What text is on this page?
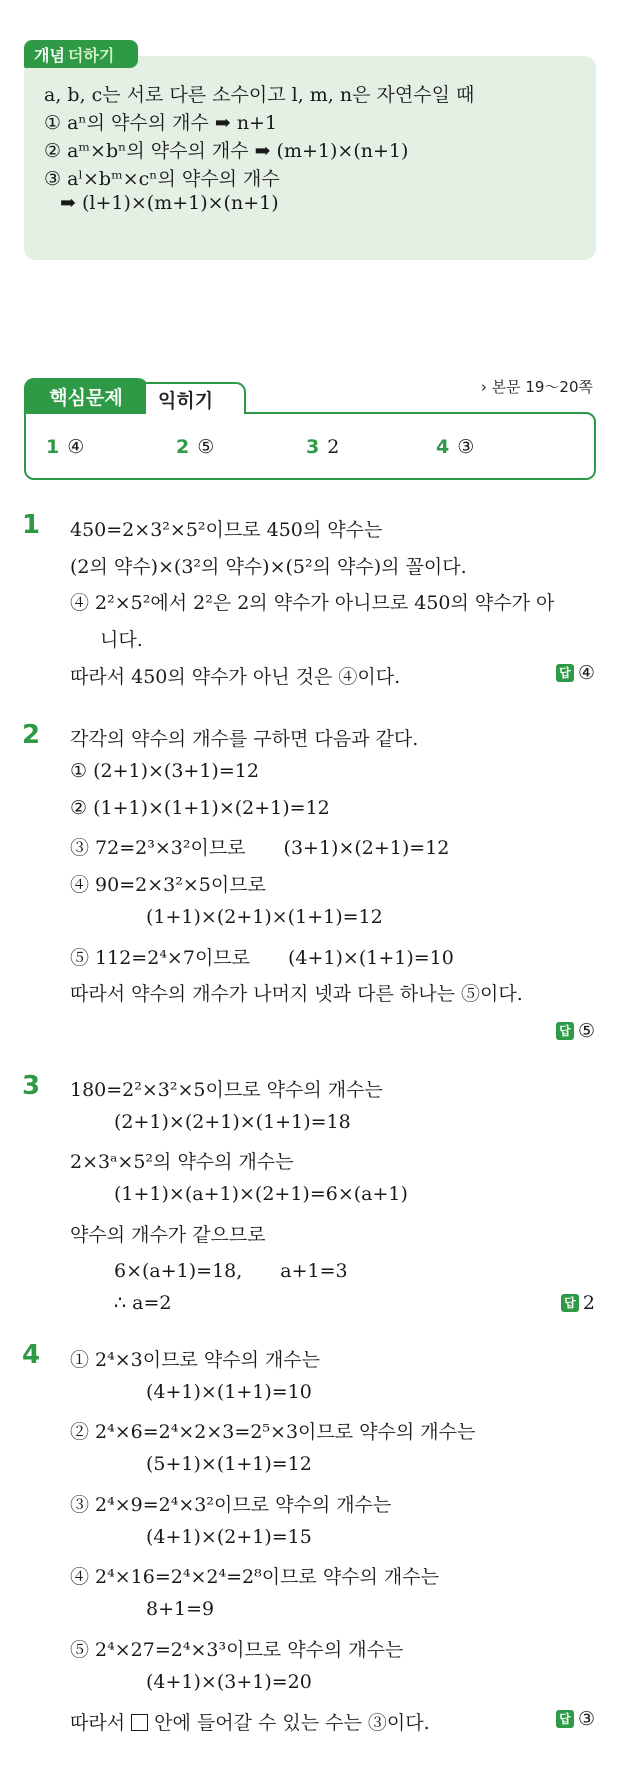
개념 더하기
a, b, c는 서로 다른 소수이고 l, m, n은 자연수일 때
① aⁿ의 약수의 개수 ➡ n+1
② aᵐ×bⁿ의 약수의 개수 ➡ (m+1)×(n+1)
③ aˡ×bᵐ×cⁿ의 약수의 개수
➡ (l+1)×(m+1)×(n+1)
핵심문제	익히기
› 본문 19～20쪽
1 ④	2 ⑤	3 2	4 ③
1 450=2×3²×5²이므로 450의 약수는
(2의 약수)×(3²의 약수)×(5²의 약수)의 꼴이다.
④ 2²×5²에서 2²은 2의 약수가 아니므로 450의 약수가 아
니다.
따라서 450의 약수가 아닌 것은 ④이다.	답 ④
2 각각의 약수의 개수를 구하면 다음과 같다.
① (2+1)×(3+1)=12
② (1+1)×(1+1)×(2+1)=12
③ 72=2³×3²이므로　　(3+1)×(2+1)=12
④ 90=2×3²×5이므로
(1+1)×(2+1)×(1+1)=12
⑤ 112=2⁴×7이므로　　(4+1)×(1+1)=10
따라서 약수의 개수가 나머지 넷과 다른 하나는 ⑤이다.
답 ⑤
3 180=2²×3²×5이므로 약수의 개수는
(2+1)×(2+1)×(1+1)=18
2×3ᵃ×5²의 약수의 개수는
(1+1)×(a+1)×(2+1)=6×(a+1)
약수의 개수가 같으므로
6×(a+1)=18,　　a+1=3
∴ a=2	답 2
4 ① 2⁴×3이므로 약수의 개수는
(4+1)×(1+1)=10
② 2⁴×6=2⁴×2×3=2⁵×3이므로 약수의 개수는
(5+1)×(1+1)=12
③ 2⁴×9=2⁴×3²이므로 약수의 개수는
(4+1)×(2+1)=15
④ 2⁴×16=2⁴×2⁴=2⁸이므로 약수의 개수는
8+1=9
⑤ 2⁴×27=2⁴×3³이므로 약수의 개수는
(4+1)×(3+1)=20
따라서 안에 들어갈 수 있는 수는 ③이다.	답 ③
